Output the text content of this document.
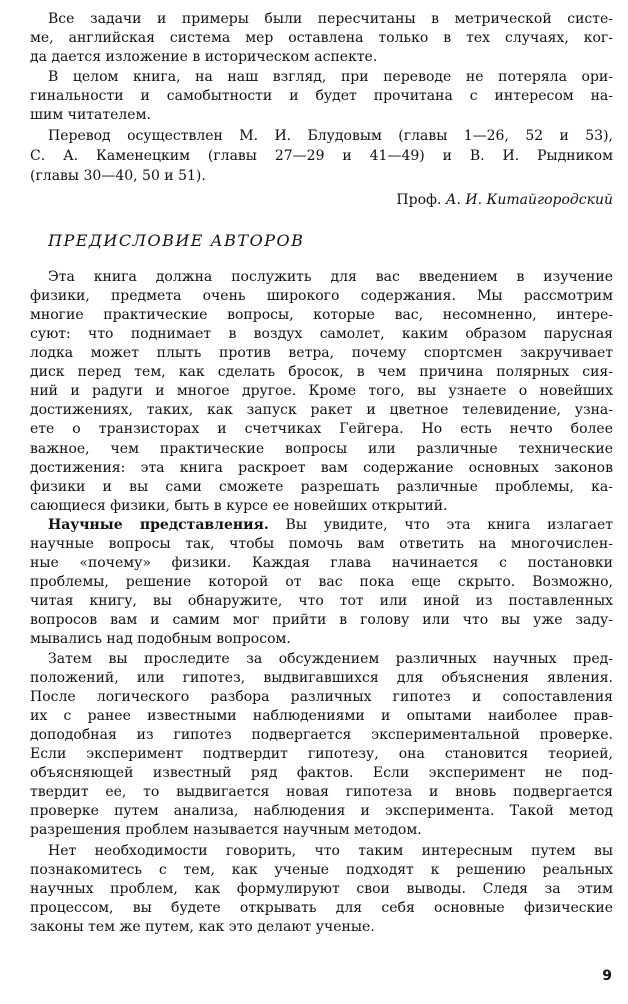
Все задачи и примеры были пересчитаны в метрической систе-
ме, английская система мер оставлена только в тех случаях, ког-
да дается изложение в историческом аспекте.
В целом книга, на наш взгляд, при переводе не потеряла ори-
гинальности и самобытности и будет прочитана с интересом на-
шим читателем.
Перевод осуществлен М. И. Блудовым (главы 1—26, 52 и 53),
С. А. Каменецким (главы 27—29 и 41—49) и В. И. Рыдником
(главы 30—40, 50 и 51).
Проф. А. И. Китайгородский
ПРЕДИСЛОВИЕ АВТОРОВ
Эта книга должна послужить для вас введением в изучение
физики, предмета очень широкого содержания. Мы рассмотрим
многие практические вопросы, которые вас, несомненно, интере-
суют: что поднимает в воздух самолет, каким образом парусная
лодка может плыть против ветра, почему спортсмен закручивает
диск перед тем, как сделать бросок, в чем причина полярных сия-
ний и радуги и многое другое. Кроме того, вы узнаете о новейших
достижениях, таких, как запуск ракет и цветное телевидение, узна-
ете о транзисторах и счетчиках Гейгера. Но есть нечто более
важное, чем практические вопросы или различные технические
достижения: эта книга раскроет вам содержание основных законов
физики и вы сами сможете разрешать различные проблемы, ка-
сающиеся физики, быть в курсе ее новейших открытий.
Научные представления. Вы увидите, что эта книга излагает
научные вопросы так, чтобы помочь вам ответить на многочислен-
ные «почему» физики. Каждая глава начинается с постановки
проблемы, решение которой от вас пока еще скрыто. Возможно,
читая книгу, вы обнаружите, что тот или иной из поставленных
вопросов вам и самим мог прийти в голову или что вы уже заду-
мывались над подобным вопросом.
Затем вы проследите за обсуждением различных научных пред-
положений, или гипотез, выдвигавшихся для объяснения явления.
После логического разбора различных гипотез и сопоставления
их с ранее известными наблюдениями и опытами наиболее прав-
доподобная из гипотез подвергается экспериментальной проверке.
Если эксперимент подтвердит гипотезу, она становится теорией,
объясняющей известный ряд фактов. Если эксперимент не под-
твердит ее, то выдвигается новая гипотеза и вновь подвергается
проверке путем анализа, наблюдения и эксперимента. Такой метод
разрешения проблем называется научным методом.
Нет необходимости говорить, что таким интересным путем вы
познакомитесь с тем, как ученые подходят к решению реальных
научных проблем, как формулируют свои выводы. Следя за этим
процессом, вы будете открывать для себя основные физические
законы тем же путем, как это делают ученые.
9
